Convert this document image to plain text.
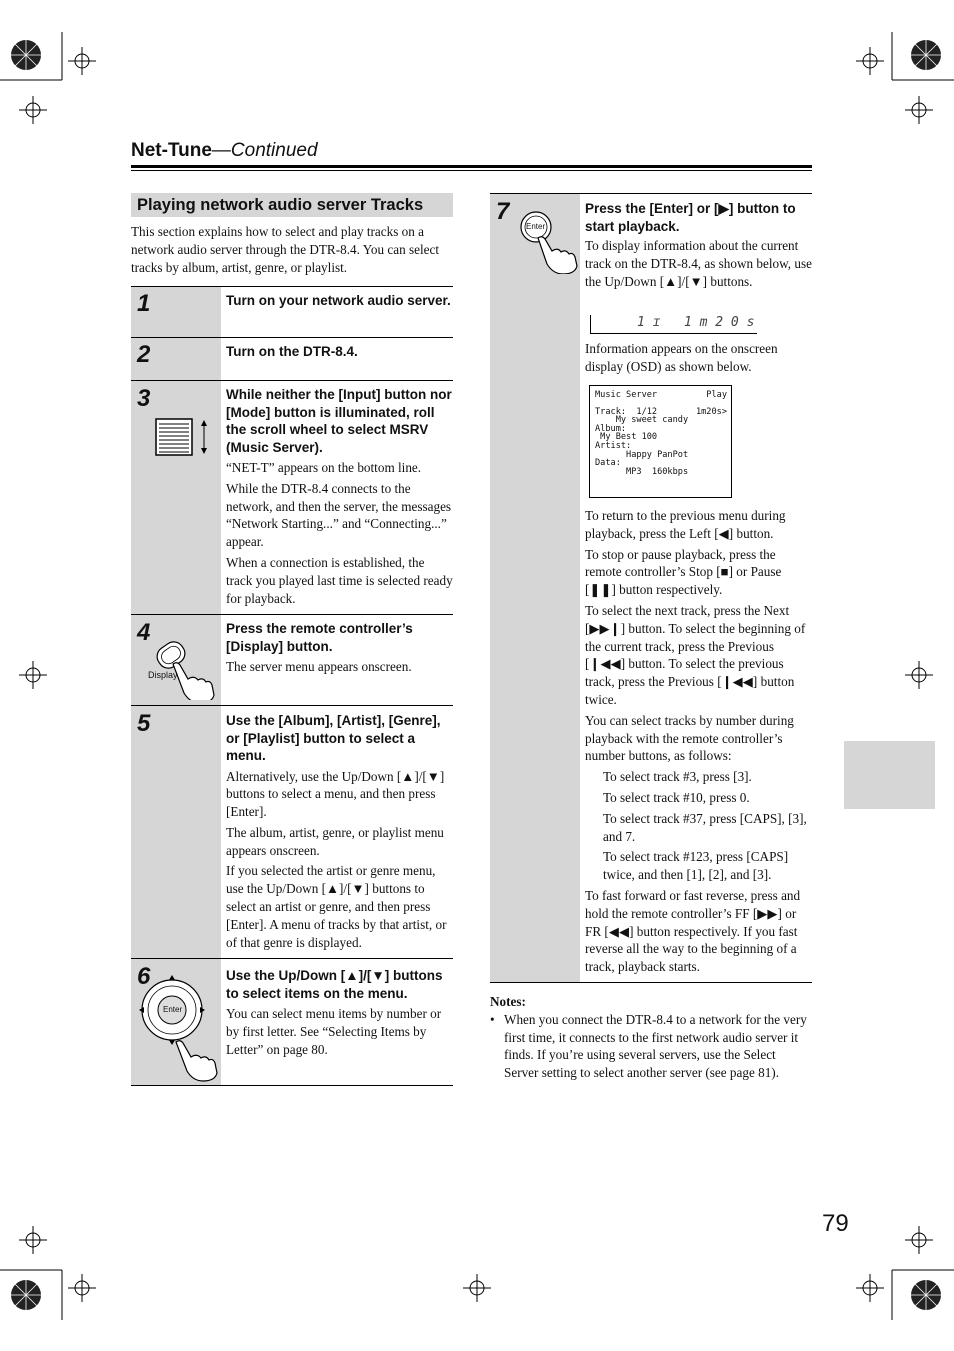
Net-Tune—Continued
Playing network audio server Tracks
This section explains how to select and play tracks on a network audio server through the DTR-8.4. You can select tracks by album, artist, genre, or playlist.
1
2
3
4
5
6
Display
Enter
Turn on your network audio server.
Turn on the DTR-8.4.
While neither the [Input] button nor [Mode] button is illuminated, roll the scroll wheel to select MSRV (Music Server).

“NET-T” appears on the bottom line.

While the DTR-8.4 connects to the network, and then the server, the messages “Network Starting...” and “Connecting...” appear.

When a connection is established, the track you played last time is selected ready for playback.

Press the remote controller’s [Display] button.

The server menu appears onscreen.

Use the [Album], [Artist], [Genre], or [Playlist] button to select a menu.

Alternatively, use the Up/Down [▲]/[▼] buttons to select a menu, and then press [Enter].

The album, artist, genre, or playlist menu appears onscreen.

If you selected the artist or genre menu, use the Up/Down [▲]/[▼] buttons to select an artist or genre, and then press [Enter]. A menu of tracks by that artist, or of that genre is displayed.

Use the Up/Down [▲]/[▼] buttons to select items on the menu.

You can select menu items by number or by first letter. See “Selecting Items by Letter” on page 80.

7
Enter
Press the [Enter] or [▶] button to start playback.

To display information about the current track on the DTR-8.4, as shown below, use the Up/Down [▲]/[▼] buttons.

1 ɪ   1 m 2 0 s

Information appears on the onscreen display (OSD) as shown below.

Music Server	Play

Track:  1/12	1m20s>
My sweet candy
Album:
My Best 100
Artist:
Happy PanPot
Data:
MP3  160kbps

To return to the previous menu during playback, press the Left [◀] button.

To stop or pause playback, press the remote controller’s Stop [■] or Pause [❚❚] button respectively.

To select the next track, press the Next [▶▶❙] button. To select the beginning of the current track, press the Previous [❙◀◀] button. To select the previous track, press the Previous [❙◀◀] button twice.

You can select tracks by number during playback with the remote controller’s number buttons, as follows:

To select track #3, press [3].

To select track #10, press 0.

To select track #37, press [CAPS], [3], and 7.

To select track #123, press [CAPS] twice, and then [1], [2], and [3].

To fast forward or fast reverse, press and hold the remote controller’s FF [▶▶] or FR [◀◀] button respectively. If you fast reverse all the way to the beginning of a track, playback starts.

Notes:
• When you connect the DTR-8.4 to a network for the very first time, it connects to the first network audio server it finds. If you’re using several servers, use the Select Server setting to select another server (see page 81).
79
